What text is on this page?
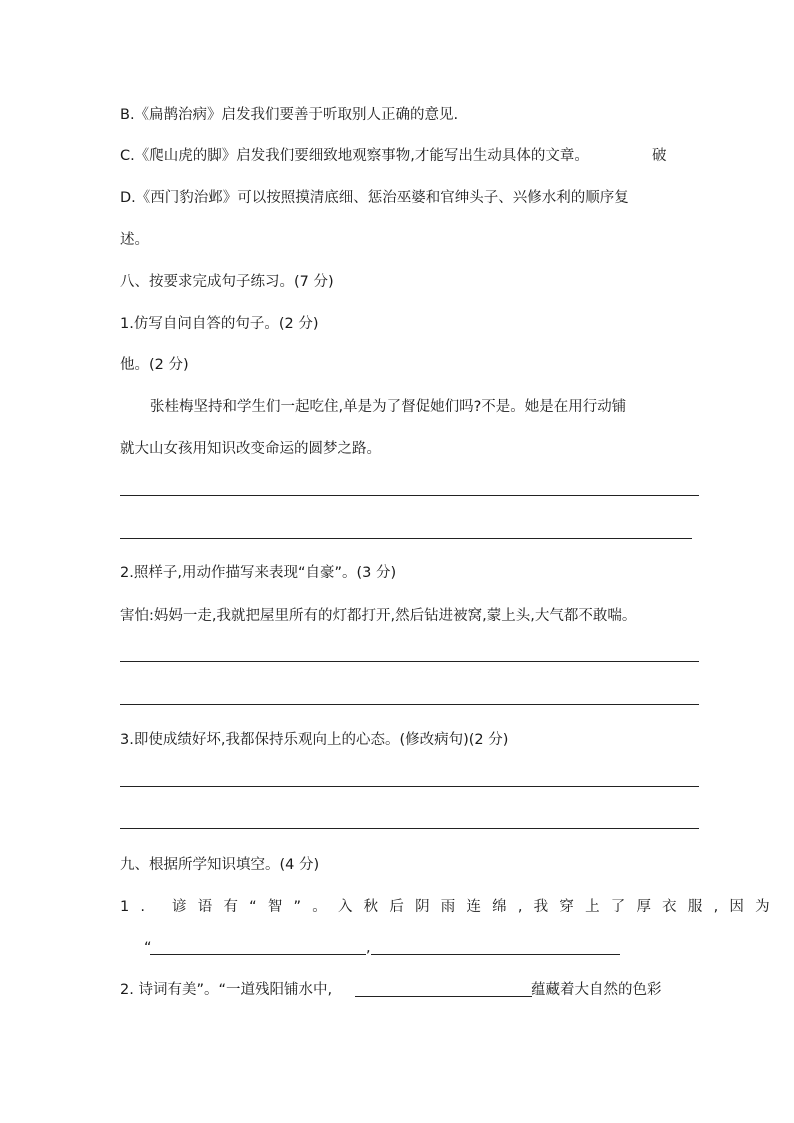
B.《扁鹊治病》启发我们要善于听取别人正确的意见.
C.《爬山虎的脚》启发我们要细致地观察事物,才能写出生动具体的文章。	破
D.《西门豹治邺》可以按照摸清底细、惩治巫婆和官绅头子、兴修水利的顺序复
述。
八、按要求完成句子练习。(7 分)
1.仿写自问自答的句子。(2 分)
他。(2 分)
张桂梅坚持和学生们一起吃住,单是为了督促她们吗?不是。她是在用行动铺
就大山女孩用知识改变命运的圆梦之路。
2.照样子,用动作描写来表现“自豪”。(3 分)
害怕:妈妈一走,我就把屋里所有的灯都打开,然后钻进被窝,蒙上头,大气都不敢喘。
3.即使成绩好坏,我都保持乐观向上的心态。(修改病句)(2 分)
九、根据所学知识填空。(4 分)
1. 谚语有“智”。入秋后阴雨连绵,我穿上了厚衣服,因为
“	,
2. 诗词有美”。“一道残阳铺水中,	蕴藏着大自然的色彩
